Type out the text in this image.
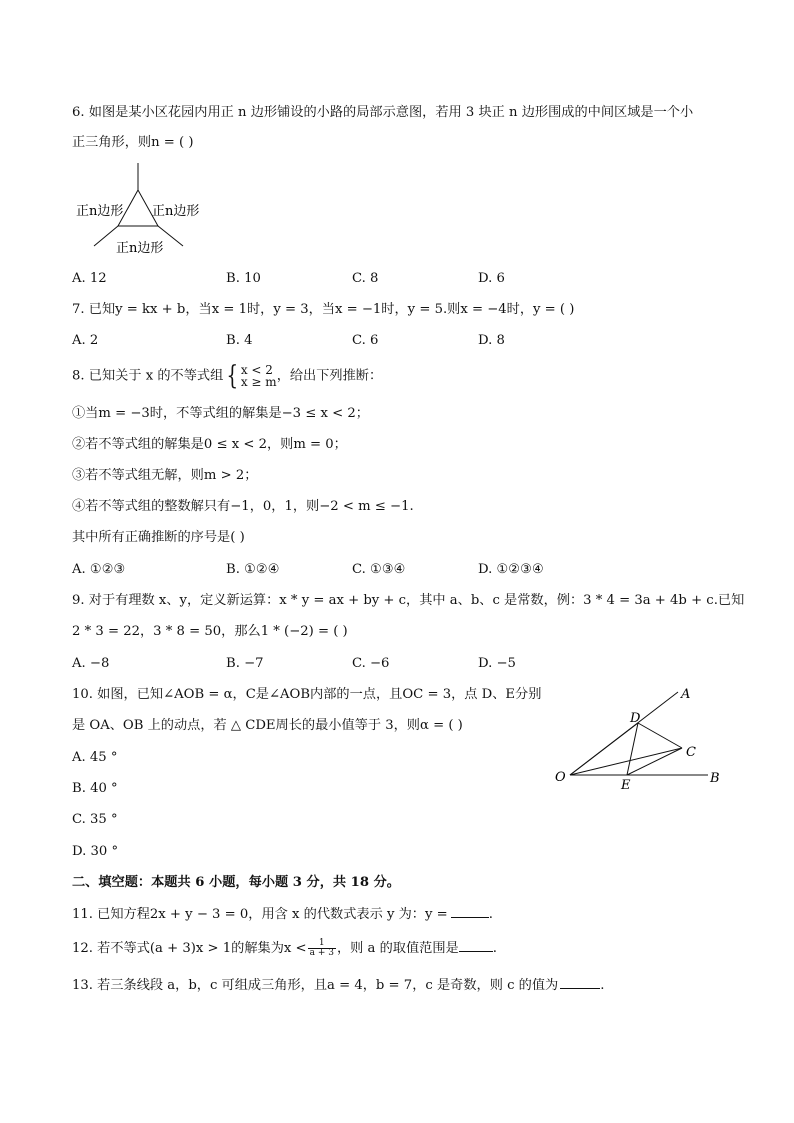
6. 如图是某小区花园内用正 n 边形铺设的小路的局部示意图，若用 3 块正 n 边形围成的中间区域是一个小
正三角形，则n = ( )
正n边形 正n边形
正n边形
A. 12	B. 10	C. 8	D. 6
7. 已知y = kx + b，当x = 1时，y = 3，当x = −1时，y = 5.则x = −4时，y = ( )
A. 2	B. 4	C. 6	D. 8
8. 已知关于 x 的不等式组 { x < 2
x ≥ m ，给出下列推断：
①当m = −3时，不等式组的解集是−3 ≤ x < 2；
②若不等式组的解集是0 ≤ x < 2，则m = 0；
③若不等式组无解，则m > 2；
④若不等式组的整数解只有−1，0，1，则−2 < m ≤ −1.
其中所有正确推断的序号是( )
A. ①②③	B. ①②④	C. ①③④	D. ①②③④
9. 对于有理数 x、y，定义新运算：x * y = ax + by + c，其中 a、b、c 是常数，例：3 * 4 = 3a + 4b + c.已知
2 * 3 = 22，3 * 8 = 50，那么1 * (−2) = ( )
A. −8	B. −7	C. −6	D. −5
10. 如图，已知∠AOB = α，C是∠AOB内部的一点，且OC = 3，点 D、E分别
是 OA、OB 上的动点，若 △ CDE周长的最小值等于 3，则α = ( )
A. 45 °
B. 40 °
C. 35 °
D. 30 °
A
D
C
O
E	B
二、填空题：本题共 6 小题，每小题 3 分，共 18 分。
11. 已知方程2x + y − 3 = 0，用含 x 的代数式表示 y 为：y =	.
12. 若不等式(a + 3)x > 1的解集为$x < \frac{1}{a + 3}$ ，则 a 的取值范围是	.
13. 若三条线段 a，b，c 可组成三角形，且a = 4，b = 7，c 是奇数，则 c 的值为	.
